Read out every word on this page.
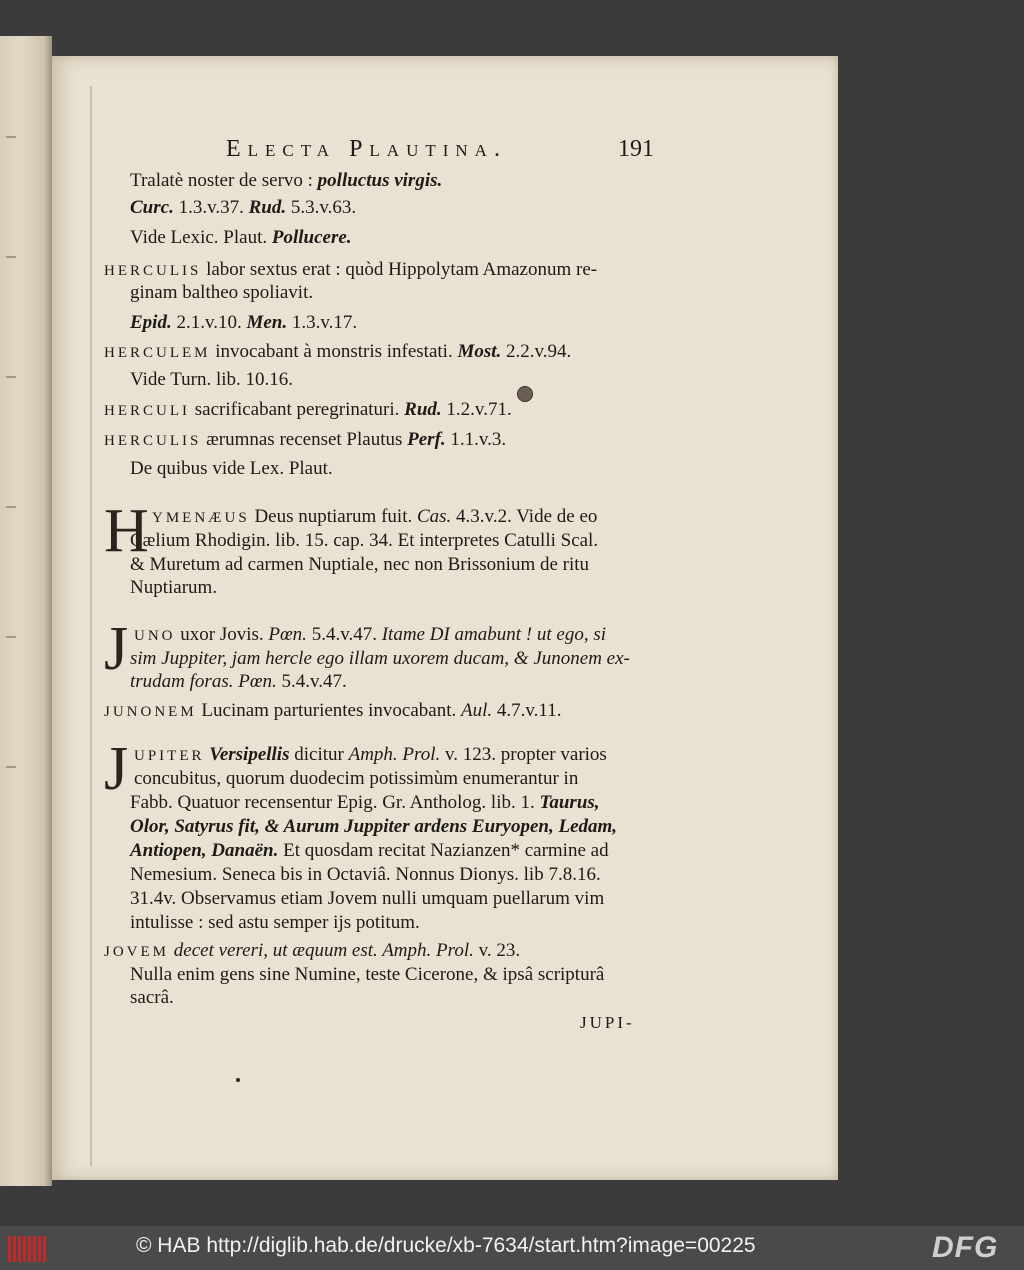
Electa Plautina.	191
Tralatè noster de servo : polluctus virgis.
Curc. 1.3.v.37. Rud. 5.3.v.63.
Vide Lexic. Plaut. Pollucere.
HERCULIS labor sextus erat : quòd Hippolytam Amazonum re-
ginam baltheo spoliavit.
Epid. 2.1.v.10. Men. 1.3.v.17.
HERCULEM invocabant à monstris infestati. Most. 2.2.v.94.
Vide Turn. lib. 10.16.
HERCULI sacrificabant peregrinaturi. Rud. 1.2.v.71.
HERCULIS ærumnas recenset Plautus Perf. 1.1.v.3.
De quibus vide Lex. Plaut.
H YMENÆUS Deus nuptiarum fuit. Cas. 4.3.v.2. Vide de eo
Cælium Rhodigin. lib. 15. cap. 34. Et interpretes Catulli Scal.
& Muretum ad carmen Nuptiale, nec non Brissonium de ritu
Nuptiarum.
J UNO uxor Jovis. Pœn. 5.4.v.47. Itame DI amabunt ! ut ego, si
sim Juppiter, jam hercle ego illam uxorem ducam, & Junonem ex-
trudam foras. Pœn. 5.4.v.47.
JUNONEM Lucinam parturientes invocabant. Aul. 4.7.v.11.
J UPITER Versipellis dicitur Amph. Prol. v. 123. propter varios
concubitus, quorum duodecim potissimùm enumerantur in
Fabb. Quatuor recensentur Epig. Gr. Antholog. lib. 1. Taurus,
Olor, Satyrus fit, & Aurum Juppiter ardens Euryopen, Ledam,
Antiopen, Danaën. Et quosdam recitat Nazianzen* carmine ad
Nemesium. Seneca bis in Octaviâ. Nonnus Dionys. lib 7.8.16.
31.4v. Observamus etiam Jovem nulli umquam puellarum vim
intulisse : sed astu semper ijs potitum.
JOVEM decet vereri, ut æquum est. Amph. Prol. v. 23.
Nulla enim gens sine Numine, teste Cicerone, & ipsâ scripturâ
sacrâ.
JUPI-
© HAB http://diglib.hab.de/drucke/xb-7634/start.htm?image=00225	DFG
